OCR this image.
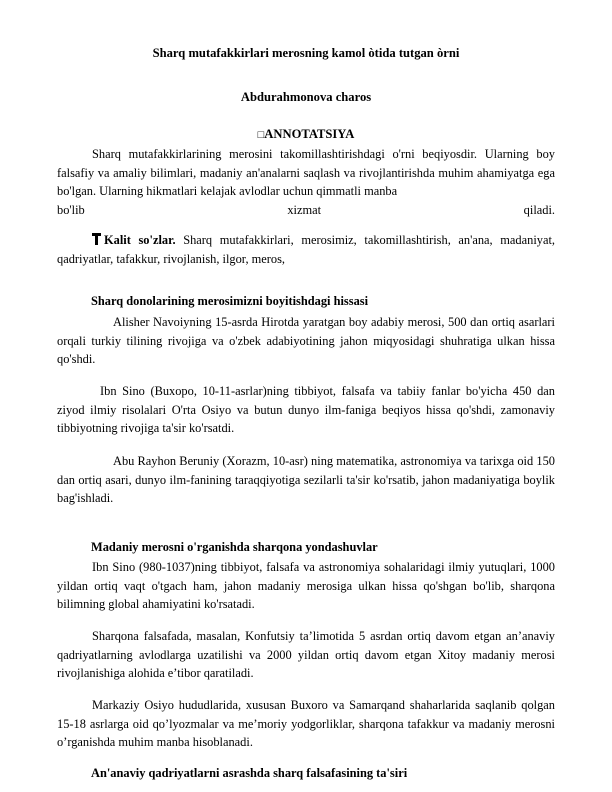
Sharq mutafakkirlari merosning kamol òtida tutgan òrni
Abdurahmonova charos
□ANNOTATSIYA

Sharq mutafakkirlarining merosini takomillashtirishdagi o'rni beqiyosdir. Ularning boy falsafiy va amaliy bilimlari, madaniy an'analarni saqlash va rivojlantirishda muhim ahamiyatga ega bo'lgan. Ularning hikmatlari kelajak avlodlar uchun qimmatli manba

bo'lib xizmat qiladi.

Kalit so'zlar. Sharq mutafakkirlari, merosimiz, takomillashtirish, an'ana, madaniyat, qadriyatlar, tafakkur, rivojlanish, ilgor, meros,

Sharq donolarining merosimizni boyitishdagi hissasi

Alisher Navoiyning 15-asrda Hirotda yaratgan boy adabiy merosi, 500 dan ortiq asarlari orqali turkiy tilining rivojiga va o'zbek adabiyotining jahon miqyosidagi shuhratiga ulkan hissa qo'shdi.

Ibn Sino (Buxopo, 10-11-asrlar)ning tibbiyot, falsafa va tabiiy fanlar bo'yicha 450 dan ziyod ilmiy risolalari O'rta Osiyo va butun dunyo ilm-faniga beqiyos hissa qo'shdi, zamonaviy tibbiyotning rivojiga ta'sir ko'rsatdi.

Abu Rayhon Beruniy (Xorazm, 10-asr) ning matematika, astronomiya va tarixga oid 150 dan ortiq asari, dunyo ilm-fanining taraqqiyotiga sezilarli ta'sir ko'rsatib, jahon madaniyatiga boylik bag'ishladi.

Madaniy merosni o'rganishda sharqona yondashuvlar

Ibn Sino (980-1037)ning tibbiyot, falsafa va astronomiya sohalaridagi ilmiy yutuqlari, 1000 yildan ortiq vaqt o'tgach ham, jahon madaniy merosiga ulkan hissa qo'shgan bo'lib, sharqona bilimning global ahamiyatini ko'rsatadi.

Sharqona falsafada, masalan, Konfutsiy ta’limotida 5 asrdan ortiq davom etgan an’anaviy qadriyatlarning avlodlarga uzatilishi va 2000 yildan ortiq davom etgan Xitoy madaniy merosi rivojlanishiga alohida e’tibor qaratiladi.

Markaziy Osiyo hududlarida, xususan Buxoro va Samarqand shaharlarida saqlanib qolgan 15-18 asrlarga oid qo’lyozmalar va me’moriy yodgorliklar, sharqona tafakkur va madaniy merosni o’rganishda muhim manba hisoblanadi.

An'anaviy qadriyatlarni asrashda sharq falsafasining ta'siri
